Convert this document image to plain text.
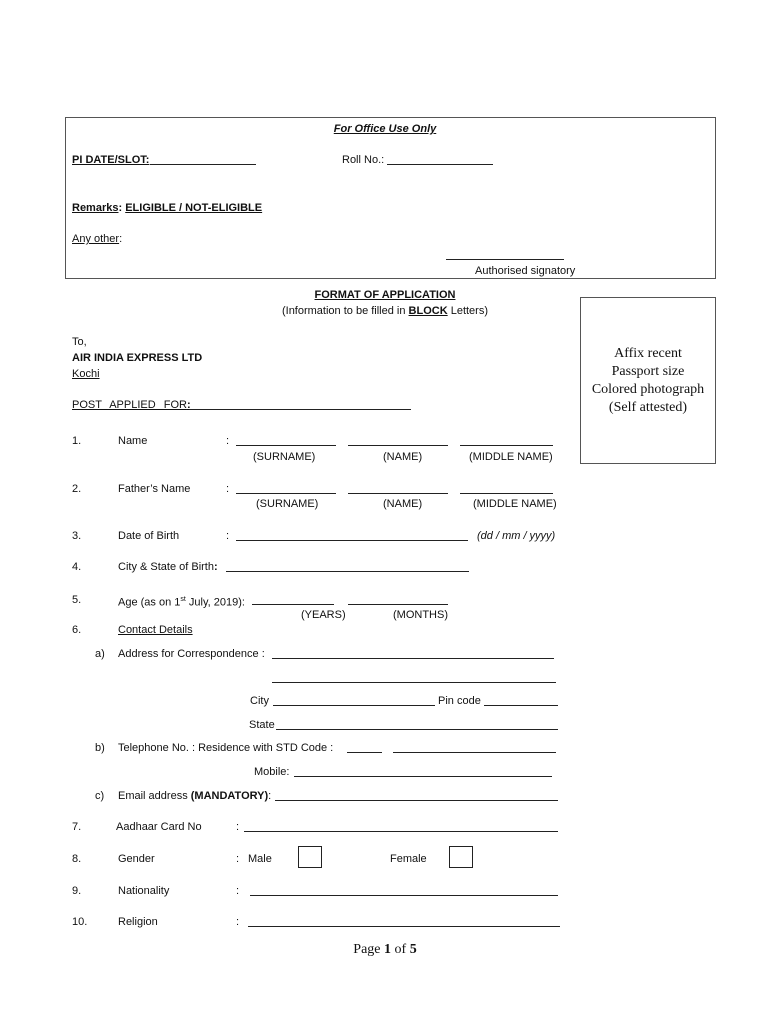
For Office Use Only
PI DATE/SLOT:	Roll No.:
Remarks: ELIGIBLE / NOT-ELIGIBLE
Any other:
Authorised signatory
FORMAT OF APPLICATION
(Information to be filled in BLOCK Letters)
Affix recent
Passport size
Colored photograph
(Self attested)
To,
AIR INDIA EXPRESS LTD
Kochi
POST APPLIED FOR:
1.	Name	:
(SURNAME)	(NAME)	(MIDDLE NAME)
2.	Father’s Name	:
(SURNAME)	(NAME)	(MIDDLE NAME)
3.	Date of Birth	:	(dd / mm / yyyy)
4.	City & State of Birth:
5.	Age (as on 1st July, 2019):
(YEARS)	(MONTHS)
6.	Contact Details
a) Address for Correspondence :
City	Pin code
State
b) Telephone No. : Residence with STD Code :
Mobile:
c) Email address (MANDATORY):
7.	Aadhaar Card No	:
8.	Gender	: Male	Female
9.	Nationality	:
10.	Religion	:
Page 1 of 5
